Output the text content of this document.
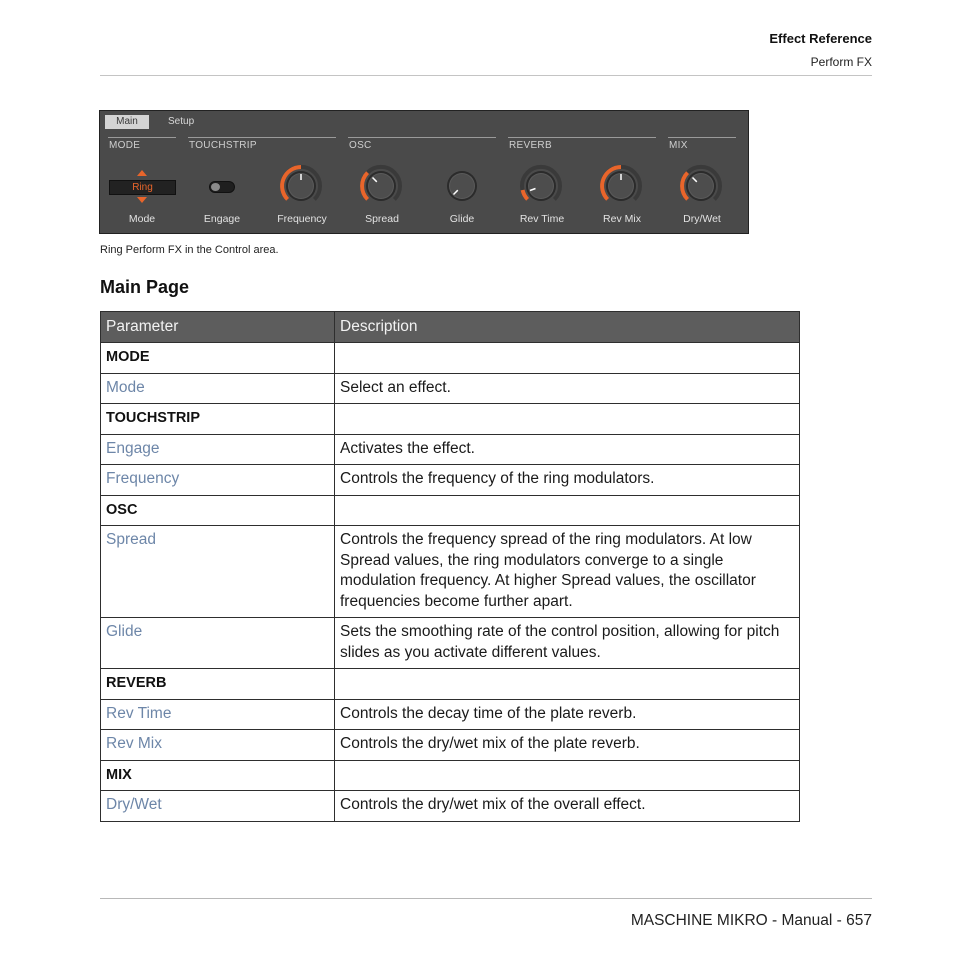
Effect Reference
Perform FX
Main	Setup
MODE	TOUCHSTRIP	OSC	REVERB	MIX
Ring
Mode	Engage	Frequency	Spread	Glide	Rev Time	Rev Mix	Dry/Wet
Ring Perform FX in the Control area.
Main Page
Parameter	Description
MODE	
Mode	Select an effect.
TOUCHSTRIP	
Engage	Activates the effect.
Frequency	Controls the frequency of the ring modulators.
OSC	
Spread	Controls the frequency spread of the ring modulators. At low Spread values, the ring modulators converge to a single modulation frequency. At higher Spread values, the oscillator frequencies become further apart.
Glide	Sets the smoothing rate of the control position, allowing for pitch slides as you activate different values.
REVERB	
Rev Time	Controls the decay time of the plate reverb.
Rev Mix	Controls the dry/wet mix of the plate reverb.
MIX	
Dry/Wet	Controls the dry/wet mix of the overall effect.
MASCHINE MIKRO - Manual - 657
